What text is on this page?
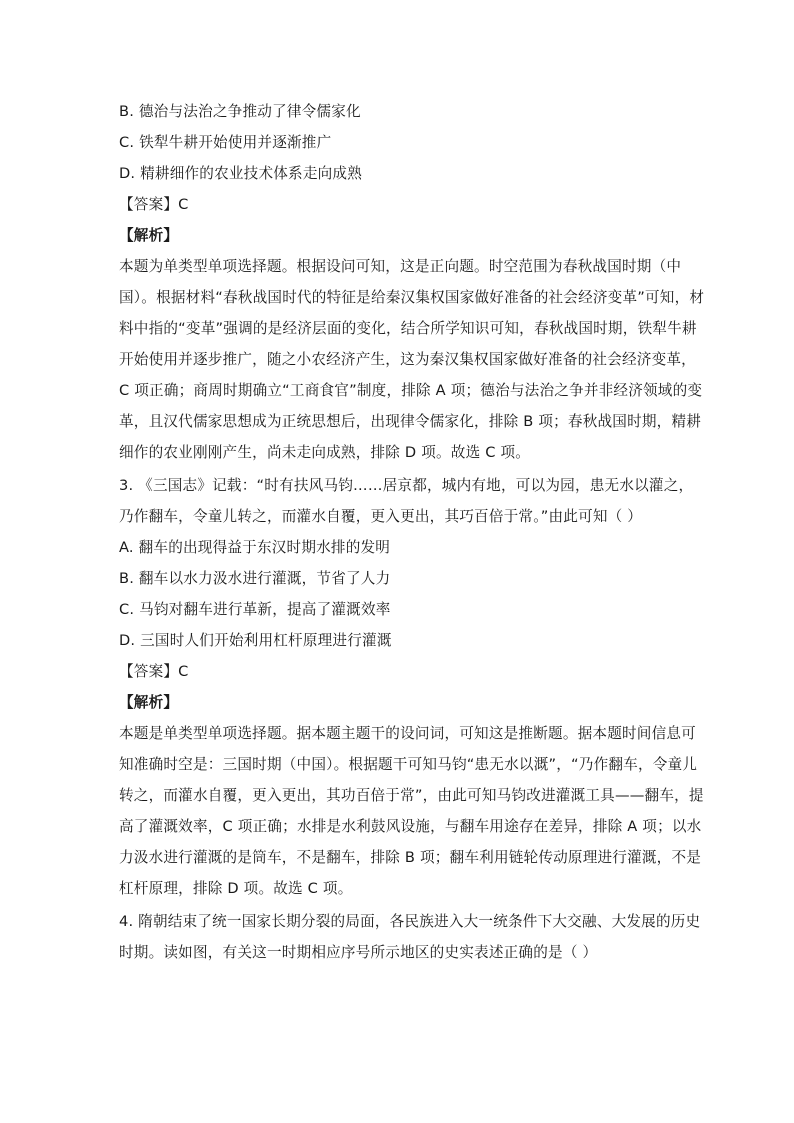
B. 德治与法治之争推动了律令儒家化
C. 铁犁牛耕开始使用并逐渐推广
D. 精耕细作的农业技术体系走向成熟
【答案】C
【解析】
本题为单类型单项选择题。根据设问可知，这是正向题。时空范围为春秋战国时期（中
国）。根据材料“春秋战国时代的特征是给秦汉集权国家做好准备的社会经济变革”可知，材
料中指的“变革”强调的是经济层面的变化，结合所学知识可知，春秋战国时期，铁犁牛耕
开始使用并逐步推广，随之小农经济产生，这为秦汉集权国家做好准备的社会经济变革，
C 项正确；商周时期确立“工商食官”制度，排除 A 项；德治与法治之争并非经济领域的变
革，且汉代儒家思想成为正统思想后，出现律令儒家化，排除 B 项；春秋战国时期，精耕
细作的农业刚刚产生，尚未走向成熟，排除 D 项。故选 C 项。
3. 《三国志》记载：“时有扶风马钧……居京都，城内有地，可以为园，患无水以灌之，
乃作翻车，令童儿转之，而灌水自覆，更入更出，其巧百倍于常。”由此可知（ ）
A. 翻车的出现得益于东汉时期水排的发明
B. 翻车以水力汲水进行灌溉，节省了人力
C. 马钧对翻车进行革新，提高了灌溉效率
D. 三国时人们开始利用杠杆原理进行灌溉
【答案】C
【解析】
本题是单类型单项选择题。据本题主题干的设问词，可知这是推断题。据本题时间信息可
知准确时空是：三国时期（中国）。根据题干可知马钧“患无水以溉”，“乃作翻车，令童儿
转之，而灌水自覆，更入更出，其功百倍于常”，由此可知马钧改进灌溉工具——翻车，提
高了灌溉效率，C 项正确；水排是水利鼓风设施，与翻车用途存在差异，排除 A 项；以水
力汲水进行灌溉的是筒车，不是翻车，排除 B 项；翻车利用链轮传动原理进行灌溉，不是
杠杆原理，排除 D 项。故选 C 项。
4. 隋朝结束了统一国家长期分裂的局面，各民族进入大一统条件下大交融、大发展的历史
时期。读如图，有关这一时期相应序号所示地区的史实表述正确的是（ ）
